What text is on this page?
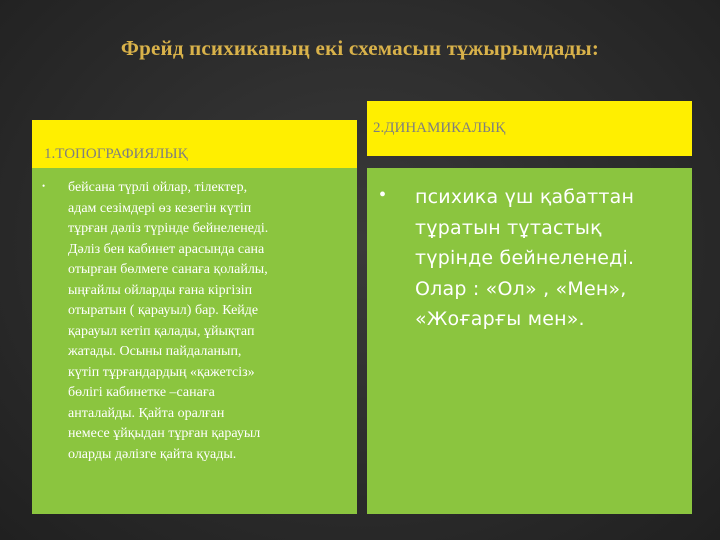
Фрейд психиканың екі схемасын тұжырымдады:
1.ТОПОГРАФИЯЛЫҚ
2.ДИНАМИКАЛЫҚ
•	бейсана түрлі ойлар, тілектер,
адам сезімдері өз кезегін күтіп
тұрған дәліз түрінде бейнеленеді.
Дәліз бен кабинет арасында сана
отырған бөлмеге санаға қолайлы,
ыңғайлы ойларды ғана кіргізіп
отыратын ( қарауыл) бар. Кейде
қарауыл кетіп қалады, ұйықтап
жатады. Осыны пайдаланып,
күтіп тұрғандардың «қажетсіз»
бөлігі кабинетке –санаға
анталайды. Қайта оралған
немесе ұйқыдан тұрған қарауыл
оларды дәлізге қайта қуады.
•	психика үш қабаттан
тұратын тұтастық
түрінде бейнеленеді.
Олар : «Ол» , «Мен»,
«Жоғарғы мен».
